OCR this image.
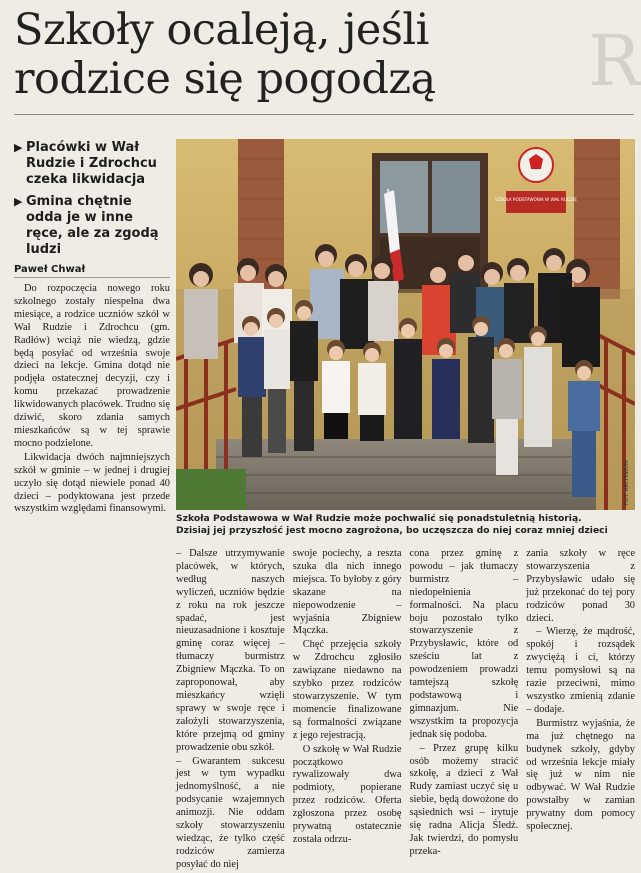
R
Szkoły ocaleją, jeśli
rodzice się pogodzą
▶ Placówki w Wał Rudzie i Zdrochcu czeka likwidacja
▶ Gmina chętnie odda je w inne ręce, ale za zgodą ludzi
Paweł Chwał

Do rozpoczęcia nowego roku szkolnego zostały niespełna dwa miesiące, a rodzice uczniów szkół w Wał Rudzie i Zdrochcu (gm. Radłów) wciąż nie wiedzą, gdzie będą posyłać od września swoje dzieci na lekcje. Gmina dotąd nie podjęła ostatecznej decyzji, czy i komu przekazać prowadzenie likwidowanych placówek. Trudno się dziwić, skoro zdania samych mieszkańców są w tej sprawie mocno podzielone.

Likwidacja dwóch najmniejszych szkół w gminie – w jednej i drugiej uczyło się dotąd niewiele ponad 40 dzieci – podyktowana jest przede wszystkim względami finansowymi.

SZKOŁA PODSTAWOWA W WAŁ RUDZIE
FOT. ARCHIWUM
Szkoła Podstawowa w Wał Rudzie może pochwalić się ponadstuletnią historią.
Dzisiaj jej przyszłość jest mocno zagrożona, bo uczęszcza do niej coraz mniej dzieci

– Dalsze utrzymywanie placówek, w których, według naszych wyliczeń, uczniów będzie z roku na rok jeszcze spadać, jest nieuzasadnione i kosztuje gminę coraz więcej – tłumaczy burmistrz Zbigniew Mączka. To on zaproponował, aby mieszkańcy wzięli sprawy w swoje ręce i założyli stowarzyszenia, które przejmą od gminy prowadzenie obu szkół.

– Gwarantem sukcesu jest w tym wypadku jednomyślność, a nie podsycanie wzajemnych animozji. Nie oddam szkoły stowarzyszeniu wiedząc, że tylko część rodziców zamierza posyłać do niej

swoje pociechy, a reszta szuka dla nich innego miejsca. To byłoby z góry skazane na niepowodzenie – wyjaśnia Zbigniew Mączka.

Chęć przejęcia szkoły w Zdrochcu zgłosiło zawiązane niedawno na szybko przez rodziców stowarzyszenie. W tym momencie finalizowane są formalności związane z jego rejestracją.

O szkołę w Wał Rudzie początkowo rywalizowały dwa podmioty, popierane przez rodziców. Oferta zgłoszona przez osobę prywatną ostatecznie została odrzu-

cona przez gminę z powodu – jak tłumaczy burmistrz – niedopełnienia formalności. Na placu boju pozostało tylko stowarzyszenie z Przybysławic, które od sześciu lat z powodzeniem prowadzi tamtejszą szkołę podstawową i gimnazjum. Nie wszystkim ta propozycja jednak się podoba.

– Przez grupę kilku osób możemy stracić szkołę, a dzieci z Wał Rudy zamiast uczyć się u siebie, będą dowożone do sąsiednich wsi – irytuje się radna Alicja Śledź. Jak twierdzi, do pomysłu przeka-

zania szkoły w ręce stowarzyszenia z Przybysławic udało się już przekonać do tej pory rodziców ponad 30 dzieci.

– Wierzę, że mądrość, spokój i rozsądek zwyciężą i ci, którzy temu pomysłowi są na razie przeciwni, mimo wszystko zmienią zdanie – dodaje.

Burmistrz wyjaśnia, że ma już chętnego na budynek szkoły, gdyby od września lekcje miały się już w nim nie odbywać. W Wał Rudzie powstałby w zamian prywatny dom pomocy społecznej.
